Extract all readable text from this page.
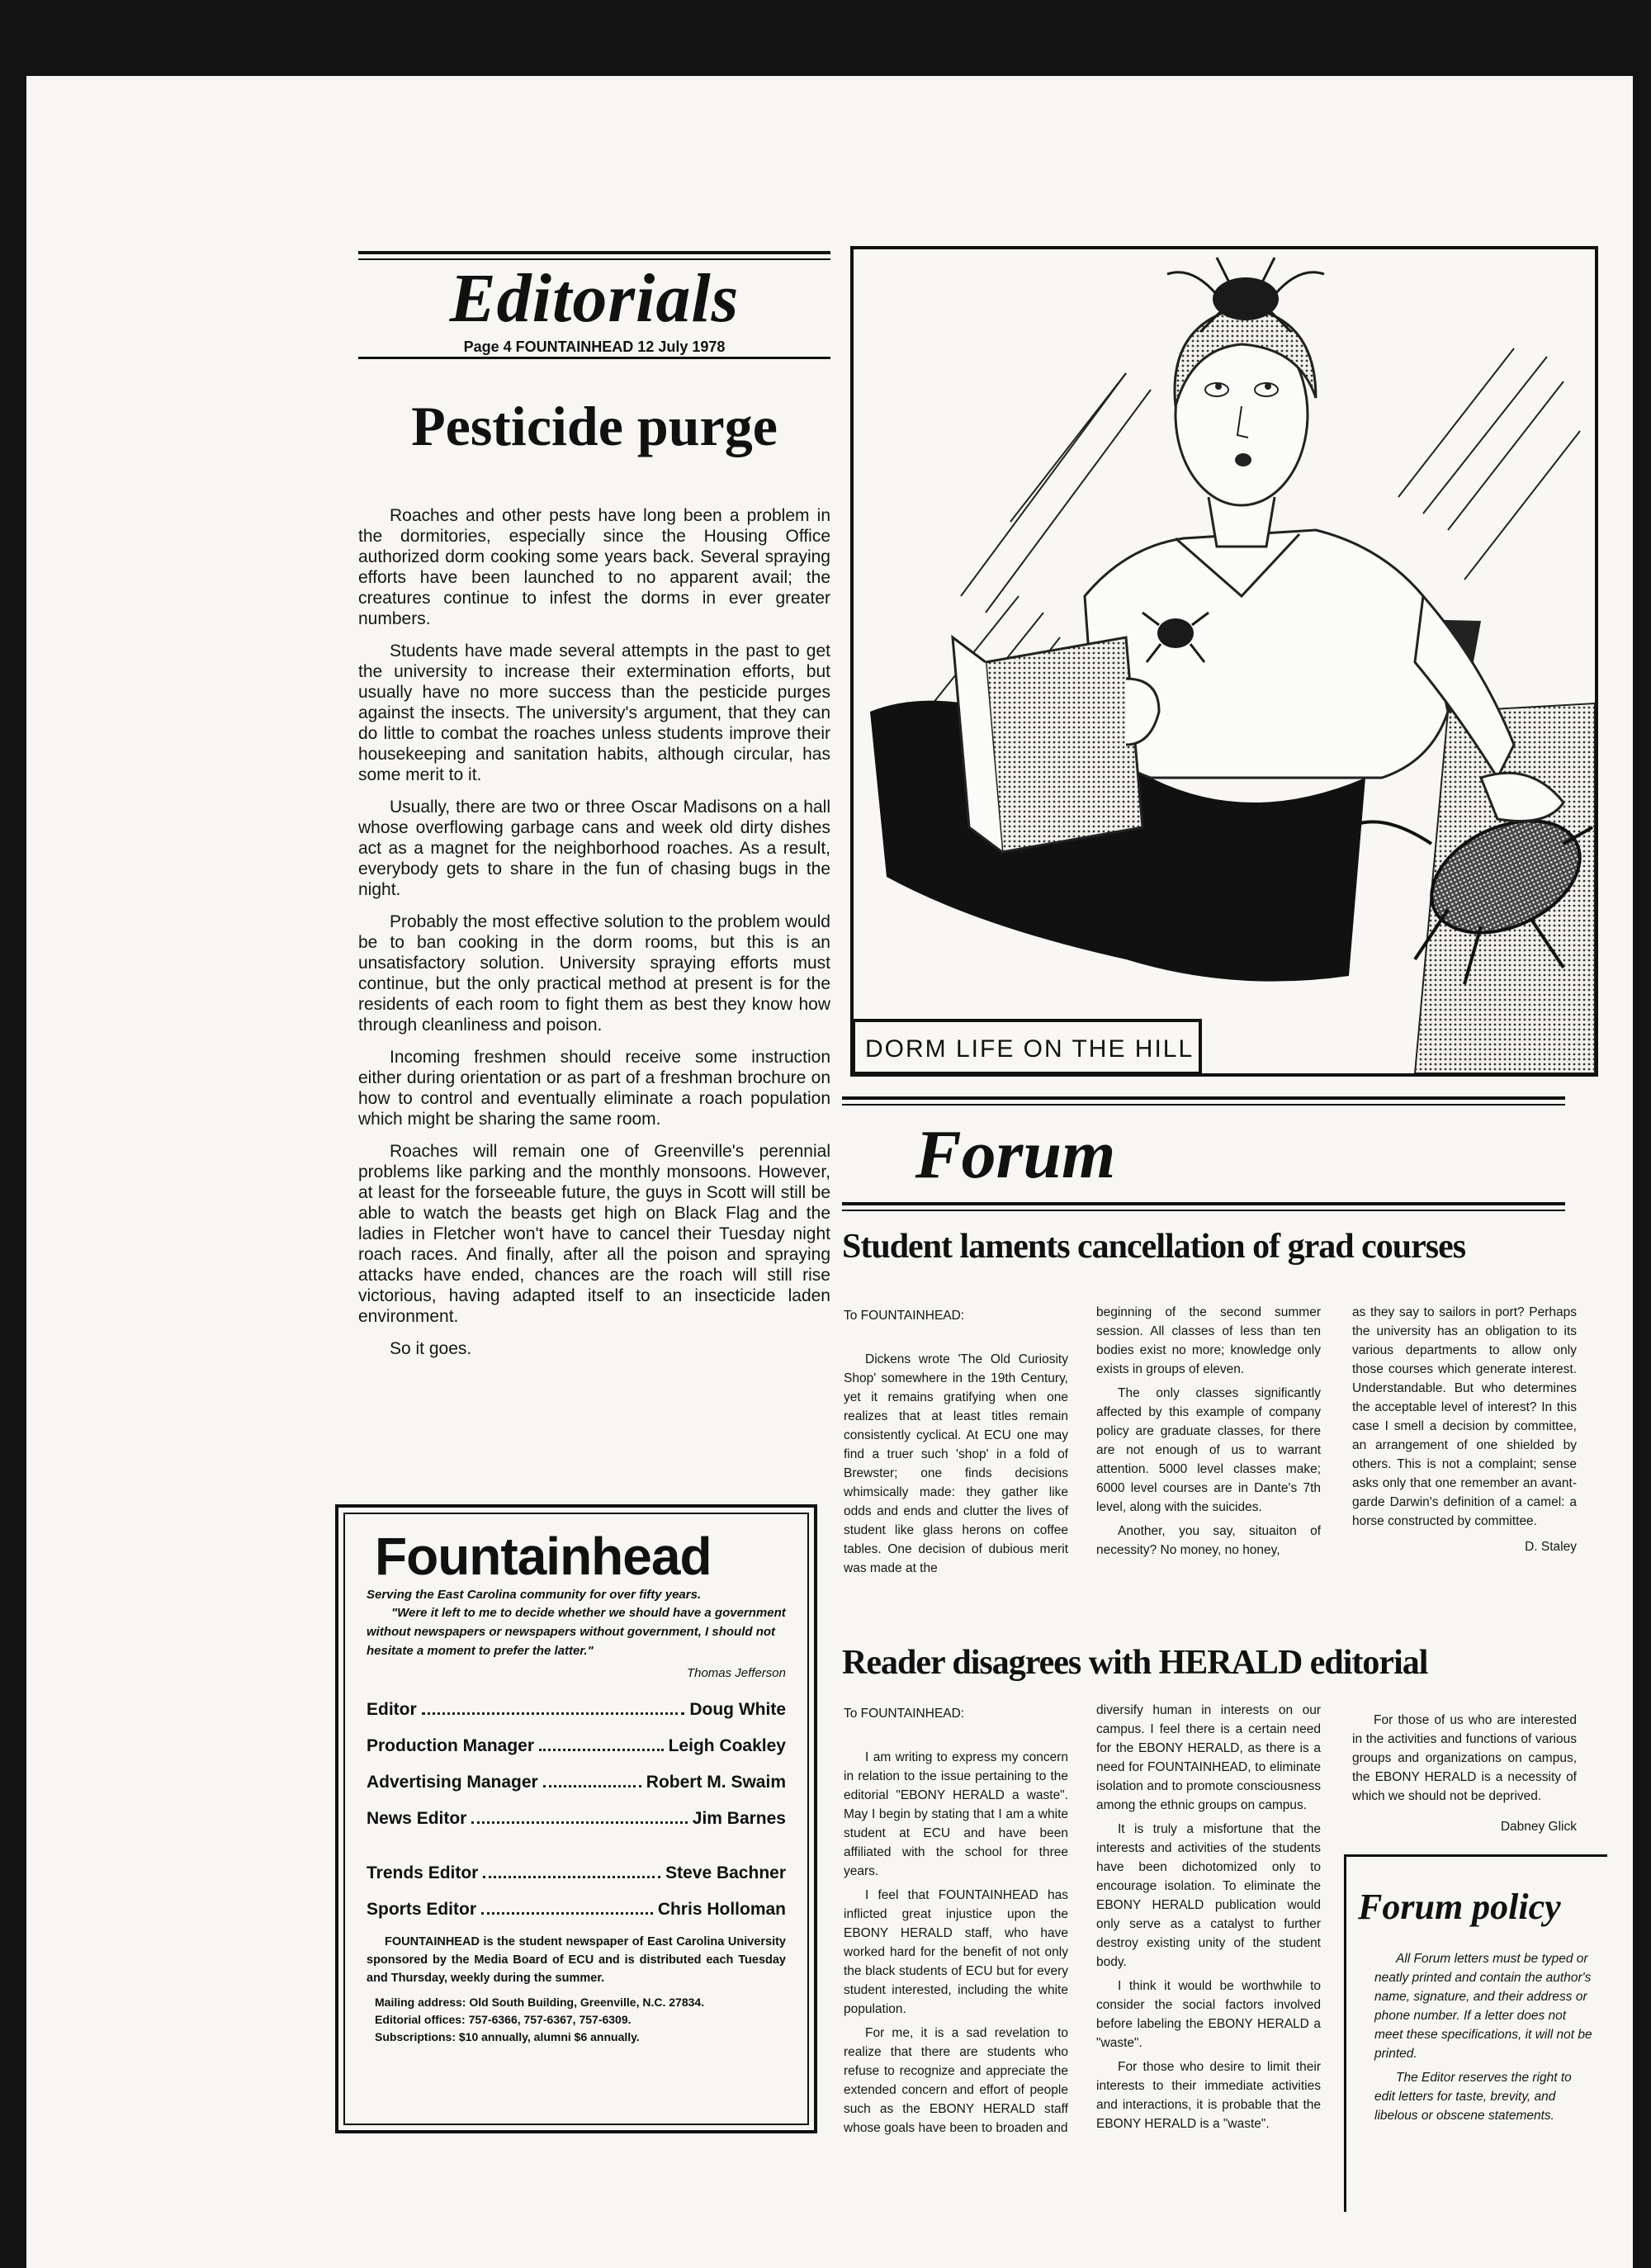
Editorials
Page 4 FOUNTAINHEAD 12 July 1978
Pesticide purge

Roaches and other pests have long been a problem in the dormitories, especially since the Housing Office authorized dorm cooking some years back. Several spraying efforts have been launched to no apparent avail; the creatures continue to infest the dorms in ever greater numbers.

Students have made several attempts in the past to get the university to increase their extermination efforts, but usually have no more success than the pesticide purges against the insects. The university's argument, that they can do little to combat the roaches unless students improve their housekeeping and sanitation habits, although circular, has some merit to it.

Usually, there are two or three Oscar Madisons on a hall whose overflowing garbage cans and week old dirty dishes act as a magnet for the neighborhood roaches. As a result, everybody gets to share in the fun of chasing bugs in the night.

Probably the most effective solution to the problem would be to ban cooking in the dorm rooms, but this is an unsatisfactory solution. University spraying efforts must continue, but the only practical method at present is for the residents of each room to fight them as best they know how through cleanliness and poison.

Incoming freshmen should receive some instruction either during orientation or as part of a freshman brochure on how to control and eventually eliminate a roach population which might be sharing the same room.

Roaches will remain one of Greenville's perennial problems like parking and the monthly monsoons. However, at least for the forseeable future, the guys in Scott will still be able to watch the beasts get high on Black Flag and the ladies in Fletcher won't have to cancel their Tuesday night roach races. And finally, after all the poison and spraying attacks have ended, chances are the roach will still rise victorious, having adapted itself to an insecticide laden environment.

So it goes.

Fountainhead
Serving the East Carolina community for over fifty years.
"Were it left to me to decide whether we should have a government without newspapers or newspapers without government, I should not hesitate a moment to prefer the latter."
Thomas Jefferson
Editor	Doug White
Production Manager	Leigh Coakley
Advertising Manager	Robert M. Swaim
News Editor	Jim Barnes
Trends Editor	Steve Bachner
Sports Editor	Chris Holloman
FOUNTAINHEAD is the student newspaper of East Carolina University sponsored by the Media Board of ECU and is distributed each Tuesday and Thursday, weekly during the summer.
Mailing address: Old South Building, Greenville, N.C. 27834.
Editorial offices: 757-6366, 757-6367, 757-6309.
Subscriptions: $10 annually, alumni $6 annually.
Stamm
DORM LIFE ON THE HILL
Forum
Student laments cancellation of grad courses

To FOUNTAINHEAD:

Dickens wrote 'The Old Curiosity Shop' somewhere in the 19th Century, yet it remains gratifying when one realizes that at least titles remain consistently cyclical. At ECU one may find a truer such 'shop' in a fold of Brewster; one finds decisions whimsically made: they gather like odds and ends and clutter the lives of student like glass herons on coffee tables. One decision of dubious merit was made at the

beginning of the second summer session. All classes of less than ten bodies exist no more; knowledge only exists in groups of eleven.

The only classes significantly affected by this example of company policy are graduate classes, for there are not enough of us to warrant attention. 5000 level classes make; 6000 level courses are in Dante's 7th level, along with the suicides.

Another, you say, situaiton of necessity? No money, no honey,

as they say to sailors in port? Perhaps the university has an obligation to its various departments to allow only those courses which generate interest. Understandable. But who determines the acceptable level of interest? In this case I smell a decision by committee, an arrangement of one shielded by others. This is not a complaint; sense asks only that one remember an avant-garde Darwin's definition of a camel: a horse constructed by committee.

D. Staley
Reader disagrees with HERALD editorial

To FOUNTAINHEAD:

I am writing to express my concern in relation to the issue pertaining to the editorial "EBONY HERALD a waste". May I begin by stating that I am a white student at ECU and have been affiliated with the school for three years.

I feel that FOUNTAINHEAD has inflicted great injustice upon the EBONY HERALD staff, who have worked hard for the benefit of not only the black students of ECU but for every student interested, including the white population.

For me, it is a sad revelation to realize that there are students who refuse to recognize and appreciate the extended concern and effort of people such as the EBONY HERALD staff whose goals have been to broaden and

diversify human in interests on our campus. I feel there is a certain need for the EBONY HERALD, as there is a need for FOUNTAINHEAD, to eliminate isolation and to promote consciousness among the ethnic groups on campus.

It is truly a misfortune that the interests and activities of the students have been dichotomized only to encourage isolation. To eliminate the EBONY HERALD publication would only serve as a catalyst to further destroy existing unity of the student body.

I think it would be worthwhile to consider the social factors involved before labeling the EBONY HERALD a "waste".

For those who desire to limit their interests to their immediate activities and interactions, it is probable that the EBONY HERALD is a "waste".

For those of us who are interested in the activities and functions of various groups and organizations on campus, the EBONY HERALD is a necessity of which we should not be deprived.

Dabney Glick
Forum policy

All Forum letters must be typed or neatly printed and contain the author's name, signature, and their address or phone number. If a letter does not meet these specifications, it will not be printed.

The Editor reserves the right to edit letters for taste, brevity, and libelous or obscene statements.
